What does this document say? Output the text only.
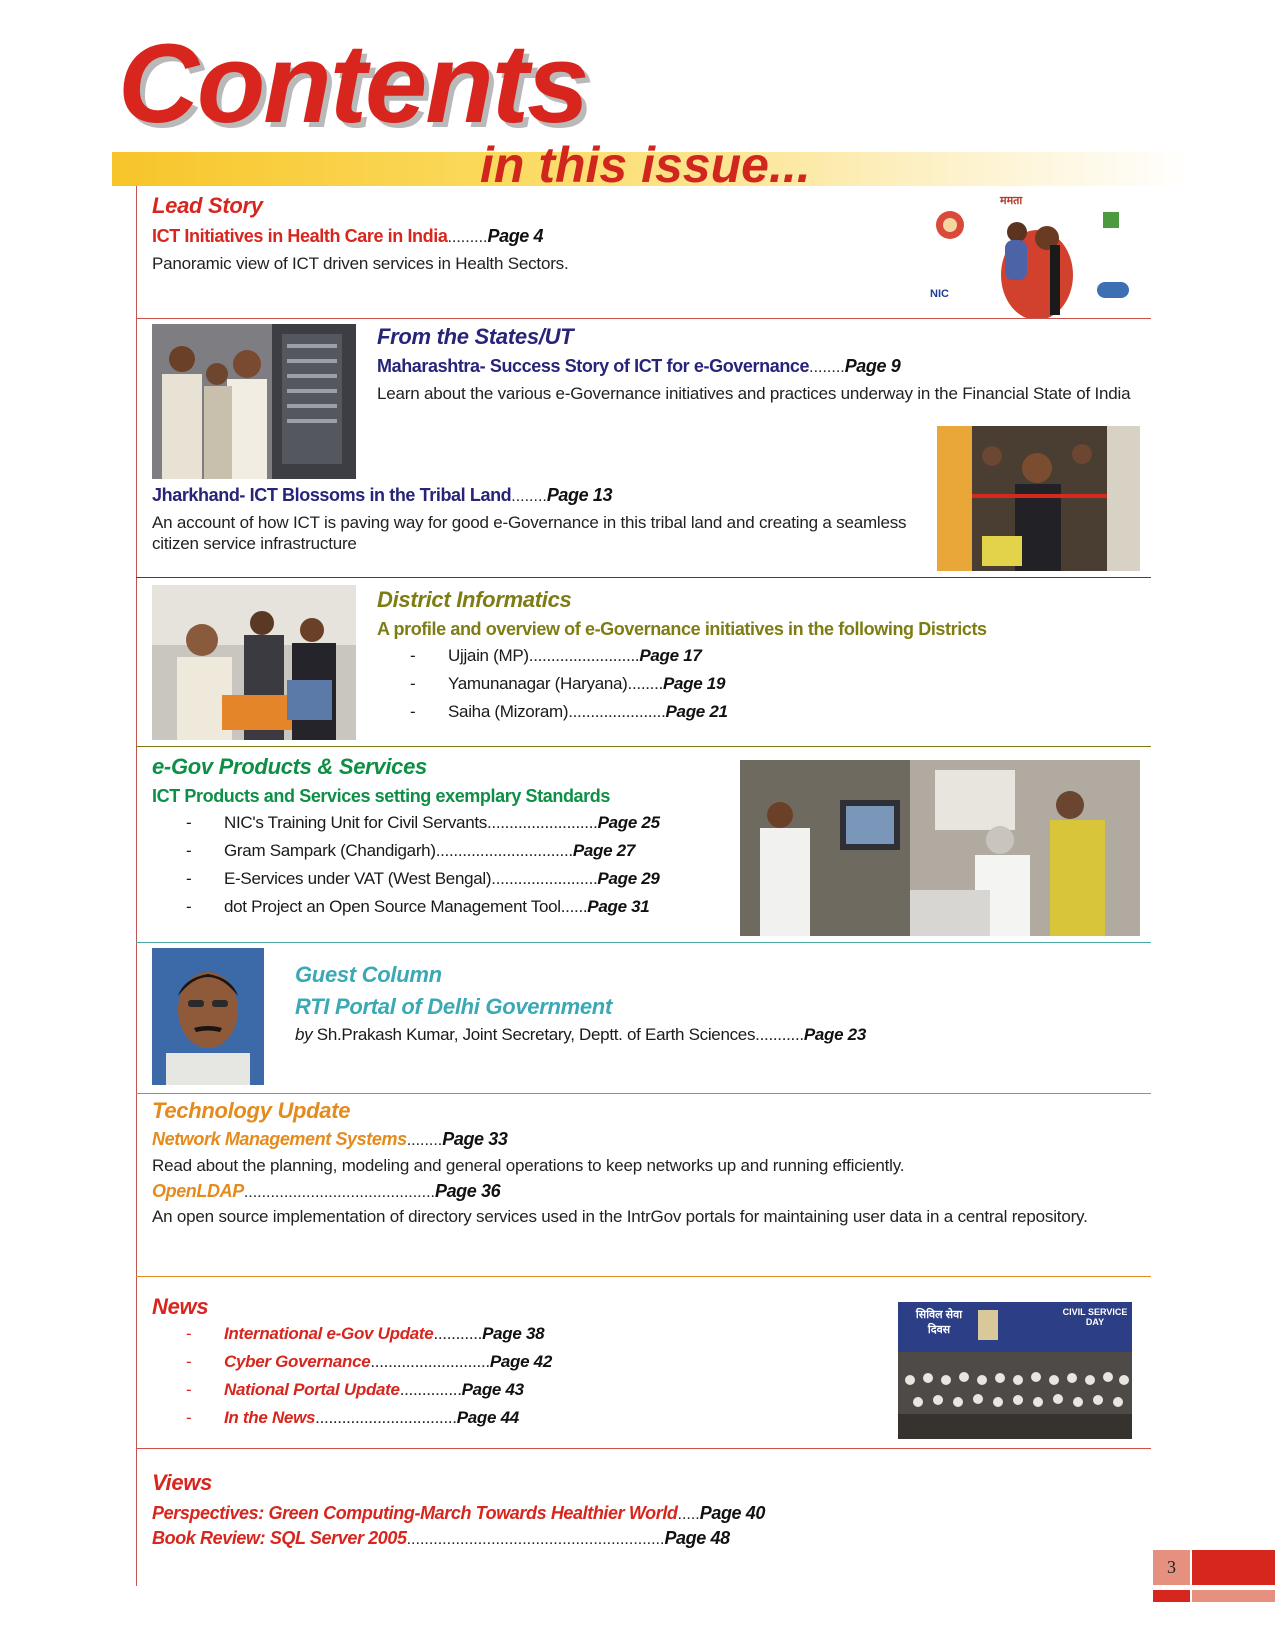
Contents
in this issue...
Lead Story
ICT Initiatives in Health Care in India.........Page 4
Panoramic view of ICT driven services in Health Sectors.
ममता
NIC
From the States/UT
Maharashtra- Success Story of ICT for e-Governance........Page 9
Learn about the various e-Governance initiatives and practices underway in the Financial State of India
Jharkhand- ICT Blossoms in the Tribal Land........Page 13
An account of how ICT is paving way for good e-Governance in this tribal land and creating a seamless citizen service infrastructure
District Informatics
A profile and overview of e-Governance initiatives in the following Districts
- Ujjain (MP).........................Page 17
- Yamunanagar (Haryana)........Page 19
- Saiha (Mizoram)......................Page 21
e-Gov Products & Services
ICT Products and Services setting exemplary Standards
- NIC's Training Unit for Civil Servants.........................Page 25
- Gram Sampark (Chandigarh)...............................Page 27
- E-Services under VAT (West Bengal)........................Page 29
- dot Project an Open Source Management Tool......Page 31
Guest Column
RTI Portal of Delhi Government
by Sh.Prakash Kumar, Joint Secretary, Deptt. of Earth Sciences...........Page 23
Technology Update
Network Management Systems........Page 33
Read about the planning, modeling and general operations to keep networks up and running efficiently.
OpenLDAP...........................................Page 36
An open source implementation of directory services used in the IntrGov portals for maintaining user data in a central repository.
News
- International e-Gov Update...........Page 38
- Cyber Governance...........................Page 42
- National Portal Update..............Page 43
- In the News................................Page 44
सिविल सेवा दिवस
CIVIL SERVICE DAY
Views
Perspectives: Green Computing-March Towards Healthier World.....Page 40
Book Review: SQL Server 2005..........................................................Page 48
3
